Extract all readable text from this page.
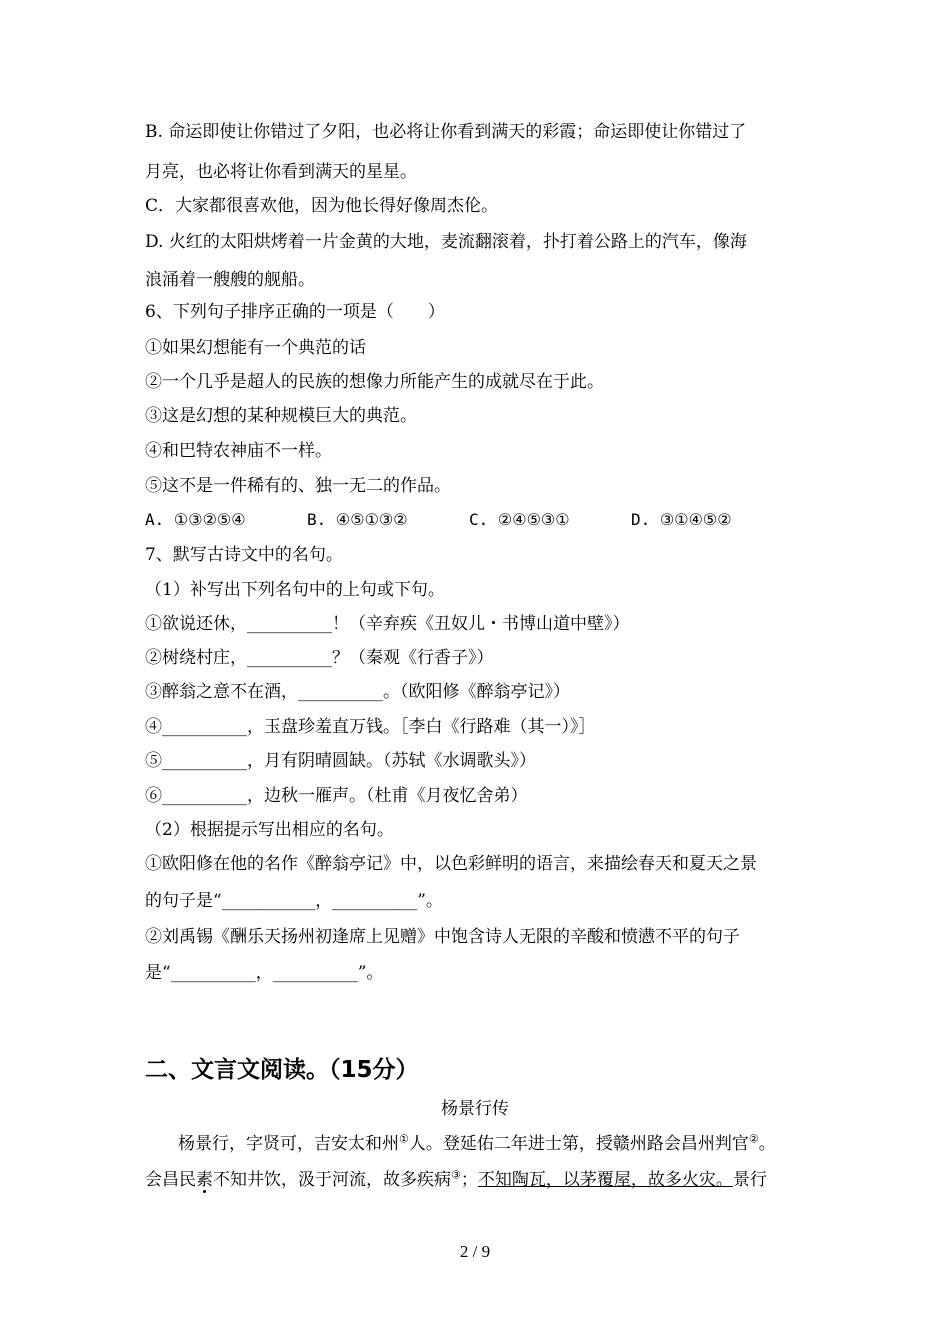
B. 命运即使让你错过了夕阳，也必将让你看到满天的彩霞；命运即使让你错过了
月亮，也必将让你看到满天的星星。
C．大家都很喜欢他，因为他长得好像周杰伦。
D. 火红的太阳烘烤着一片金黄的大地，麦流翻滚着，扑打着公路上的汽车，像海
浪涌着一艘艘的舰船。
6、下列句子排序正确的一项是（　　）
①如果幻想能有一个典范的话
②一个几乎是超人的民族的想像力所能产生的成就尽在于此。
③这是幻想的某种规模巨大的典范。
④和巴特农神庙不一样。
⑤这不是一件稀有的、独一无二的作品。
A. ①③②⑤④	B. ④⑤①③②	C. ②④⑤③①	D. ③①④⑤②
7、默写古诗文中的名句。
（1）补写出下列名句中的上句或下句。
①欲说还休，__________！（辛弃疾《丑奴儿・书博山道中壁》）
②树绕村庄，__________？（秦观《行香子》）
③醉翁之意不在酒，__________。（欧阳修《醉翁亭记》）
④__________，玉盘珍羞直万钱。［李白《行路难（其一）》］
⑤__________，月有阴晴圆缺。（苏轼《水调歌头》）
⑥__________，边秋一雁声。（杜甫《月夜忆舍弟）
（2）根据提示写出相应的名句。
①欧阳修在他的名作《醉翁亭记》中，以色彩鲜明的语言，来描绘春天和夏天之景
的句子是“___________，__________”。
②刘禹锡《酬乐天扬州初逢席上见赠》中饱含诗人无限的辛酸和愤懑不平的句子
是“__________，__________”。
二、文言文阅读。（15分）
杨景行传
杨景行，字贤可，吉安太和州①人。登延佑二年进士第，授赣州路会昌州判官②。
会昌民素不知井饮，汲于河流，故多疾病③；不知陶瓦，以茅覆屋，故多火灾。景行
2 / 9
